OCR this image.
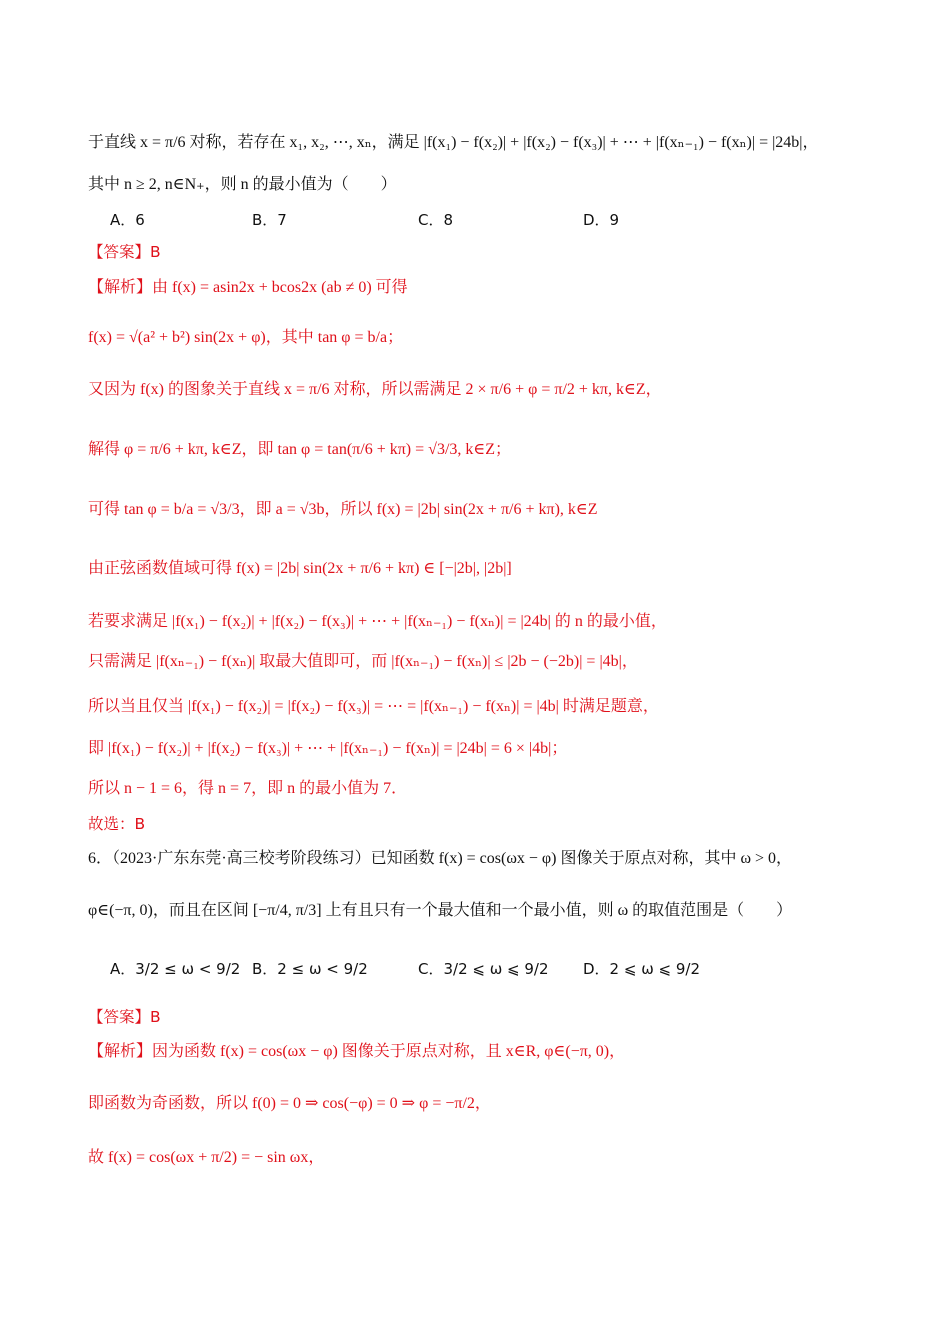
于直线 x = π/6 对称，若存在 x₁, x₂, ⋯, xₙ，满足 |f(x₁) − f(x₂)| + |f(x₂) − f(x₃)| + ⋯ + |f(xₙ₋₁) − f(xₙ)| = |24b|，
其中 n ≥ 2, n∈N₊，则 n 的最小值为（　　）
A．6	B．7	C．8	D．9
【答案】B
【解析】由 f(x) = asin2x + bcos2x (ab ≠ 0) 可得
f(x) = √(a² + b²) sin(2x + φ)，其中 tan φ = b/a；
又因为 f(x) 的图象关于直线 x = π/6 对称，所以需满足 2 × π/6 + φ = π/2 + kπ, k∈Z，
解得 φ = π/6 + kπ, k∈Z，即 tan φ = tan(π/6 + kπ) = √3/3, k∈Z；
可得 tan φ = b/a = √3/3，即 a = √3b，所以 f(x) = |2b| sin(2x + π/6 + kπ), k∈Z
由正弦函数值域可得 f(x) = |2b| sin(2x + π/6 + kπ) ∈ [−|2b|, |2b|]
若要求满足 |f(x₁) − f(x₂)| + |f(x₂) − f(x₃)| + ⋯ + |f(xₙ₋₁) − f(xₙ)| = |24b| 的 n 的最小值，
只需满足 |f(xₙ₋₁) − f(xₙ)| 取最大值即可，而 |f(xₙ₋₁) − f(xₙ)| ≤ |2b − (−2b)| = |4b|，
所以当且仅当 |f(x₁) − f(x₂)| = |f(x₂) − f(x₃)| = ⋯ = |f(xₙ₋₁) − f(xₙ)| = |4b| 时满足题意，
即 |f(x₁) − f(x₂)| + |f(x₂) − f(x₃)| + ⋯ + |f(xₙ₋₁) − f(xₙ)| = |24b| = 6 × |4b|；
所以 n − 1 = 6，得 n = 7，即 n 的最小值为 7．
故选：B
6．（2023·广东东莞·高三校考阶段练习）已知函数 f(x) = cos(ωx − φ) 图像关于原点对称，其中 ω > 0，
φ∈(−π, 0)，而且在区间 [−π/4, π/3] 上有且只有一个最大值和一个最小值，则 ω 的取值范围是（　　）
A．3/2 ≤ ω < 9/2 B．2 ≤ ω < 9/2	C．3/2 ⩽ ω ⩽ 9/2 D．2 ⩽ ω ⩽ 9/2
【答案】B
【解析】因为函数 f(x) = cos(ωx − φ) 图像关于原点对称，且 x∈R, φ∈(−π, 0)，
即函数为奇函数，所以 f(0) = 0 ⇒ cos(−φ) = 0 ⇒ φ = −π/2，
故 f(x) = cos(ωx + π/2) = − sin ωx，
